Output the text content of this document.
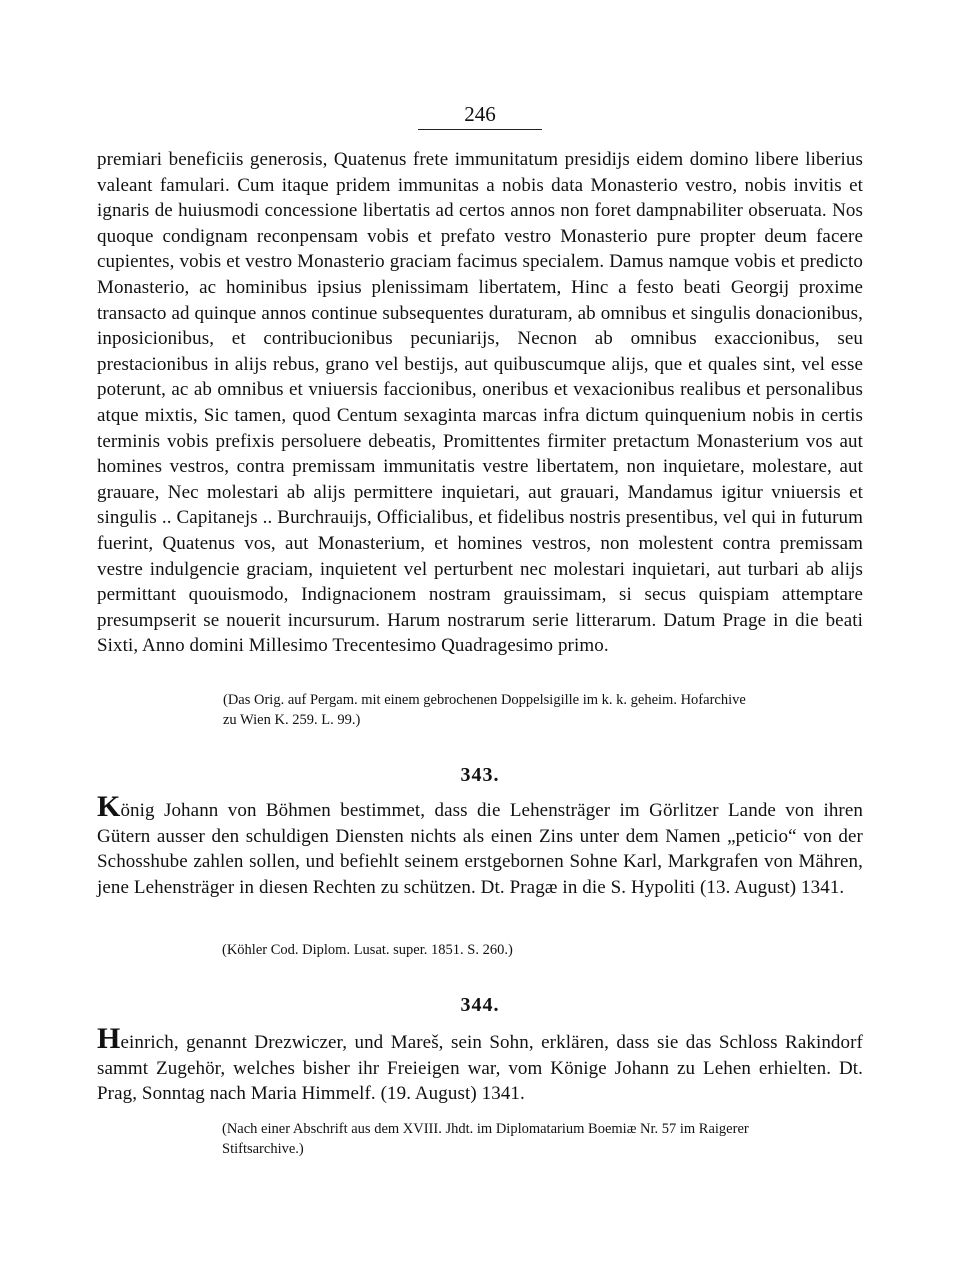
246

premiari beneficiis generosis, Quatenus frete immunitatum presidijs eidem domino libere liberius valeant famulari. Cum itaque pridem immunitas a nobis data Monasterio vestro, nobis invitis et ignaris de huiusmodi concessione libertatis ad certos annos non foret dampnabiliter obseruata. Nos quoque condignam reconpensam vobis et prefato vestro Monasterio pure propter deum facere cupientes, vobis et vestro Monasterio graciam facimus specialem. Damus namque vobis et predicto Monasterio, ac hominibus ipsius plenissimam libertatem, Hinc a festo beati Georgij proxime transacto ad quinque annos continue subsequentes duraturam, ab omnibus et singulis donacionibus, inposicionibus, et contribucionibus pecuniarijs, Necnon ab omnibus exaccionibus, seu prestacionibus in alijs rebus, grano vel bestijs, aut quibuscumque alijs, que et quales sint, vel esse poterunt, ac ab omnibus et vniuersis faccionibus, oneribus et vexacionibus realibus et personalibus atque mixtis, Sic tamen, quod Centum sexaginta marcas infra dictum quinquenium nobis in certis terminis vobis prefixis persoluere debeatis, Promittentes firmiter pretactum Monasterium vos aut homines vestros, contra premissam immunitatis vestre libertatem, non inquietare, molestare, aut grauare, Nec molestari ab alijs permittere inquietari, aut grauari, Mandamus igitur vniuersis et singulis .. Capitanejs .. Burchrauijs, Officialibus, et fidelibus nostris presentibus, vel qui in futurum fuerint, Quatenus vos, aut Monasterium, et homines vestros, non molestent contra premissam vestre indulgencie graciam, inquietent vel perturbent nec molestari inquietari, aut turbari ab alijs permittant quouismodo, Indignacionem nostram grauissimam, si secus quispiam attemptare presumpserit se nouerit incursurum. Harum nostrarum serie litterarum. Datum Prage in die beati Sixti, Anno domini Millesimo Trecentesimo Quadragesimo primo.

(Das Orig. auf Pergam. mit einem gebrochenen Doppelsigille im k. k. geheim. Hofarchive
zu Wien K. 259. L. 99.)

343.

König Johann von Böhmen bestimmet, dass die Lehensträger im Görlitzer Lande von ihren Gütern ausser den schuldigen Diensten nichts als einen Zins unter dem Namen „peticio“ von der Schosshube zahlen sollen, und befiehlt seinem erstgebornen Sohne Karl, Markgrafen von Mähren, jene Lehensträger in diesen Rechten zu schützen. Dt. Pragæ in die S. Hypoliti (13. August) 1341.

(Köhler Cod. Diplom. Lusat. super. 1851. S. 260.)

344.

Heinrich, genannt Drezwiczer, und Mareš, sein Sohn, erklären, dass sie das Schloss Rakindorf sammt Zugehör, welches bisher ihr Freieigen war, vom Könige Johann zu Lehen erhielten. Dt. Prag, Sonntag nach Maria Himmelf. (19. August) 1341.

(Nach einer Abschrift aus dem XVIII. Jhdt. im Diplomatarium Boemiæ Nr. 57 im Raigerer
Stiftsarchive.)
